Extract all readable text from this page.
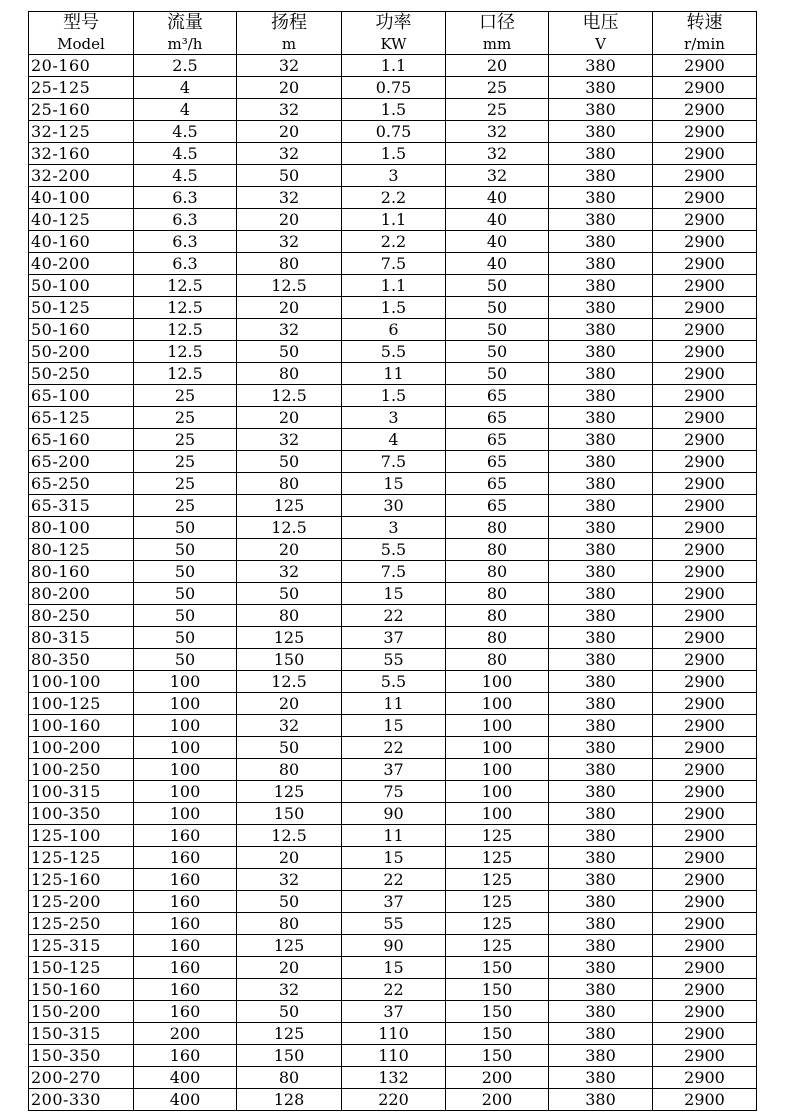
型号	流量	扬程	功率	口径	电压	转速
Model	m³/h	m	KW	mm	V	r/min
20-160	2.5	32	1.1	20	380	2900
25-125	4	20	0.75	25	380	2900
25-160	4	32	1.5	25	380	2900
32-125	4.5	20	0.75	32	380	2900
32-160	4.5	32	1.5	32	380	2900
32-200	4.5	50	3	32	380	2900
40-100	6.3	32	2.2	40	380	2900
40-125	6.3	20	1.1	40	380	2900
40-160	6.3	32	2.2	40	380	2900
40-200	6.3	80	7.5	40	380	2900
50-100	12.5	12.5	1.1	50	380	2900
50-125	12.5	20	1.5	50	380	2900
50-160	12.5	32	6	50	380	2900
50-200	12.5	50	5.5	50	380	2900
50-250	12.5	80	11	50	380	2900
65-100	25	12.5	1.5	65	380	2900
65-125	25	20	3	65	380	2900
65-160	25	32	4	65	380	2900
65-200	25	50	7.5	65	380	2900
65-250	25	80	15	65	380	2900
65-315	25	125	30	65	380	2900
80-100	50	12.5	3	80	380	2900
80-125	50	20	5.5	80	380	2900
80-160	50	32	7.5	80	380	2900
80-200	50	50	15	80	380	2900
80-250	50	80	22	80	380	2900
80-315	50	125	37	80	380	2900
80-350	50	150	55	80	380	2900
100-100	100	12.5	5.5	100	380	2900
100-125	100	20	11	100	380	2900
100-160	100	32	15	100	380	2900
100-200	100	50	22	100	380	2900
100-250	100	80	37	100	380	2900
100-315	100	125	75	100	380	2900
100-350	100	150	90	100	380	2900
125-100	160	12.5	11	125	380	2900
125-125	160	20	15	125	380	2900
125-160	160	32	22	125	380	2900
125-200	160	50	37	125	380	2900
125-250	160	80	55	125	380	2900
125-315	160	125	90	125	380	2900
150-125	160	20	15	150	380	2900
150-160	160	32	22	150	380	2900
150-200	160	50	37	150	380	2900
150-315	200	125	110	150	380	2900
150-350	160	150	110	150	380	2900
200-270	400	80	132	200	380	2900
200-330	400	128	220	200	380	2900
